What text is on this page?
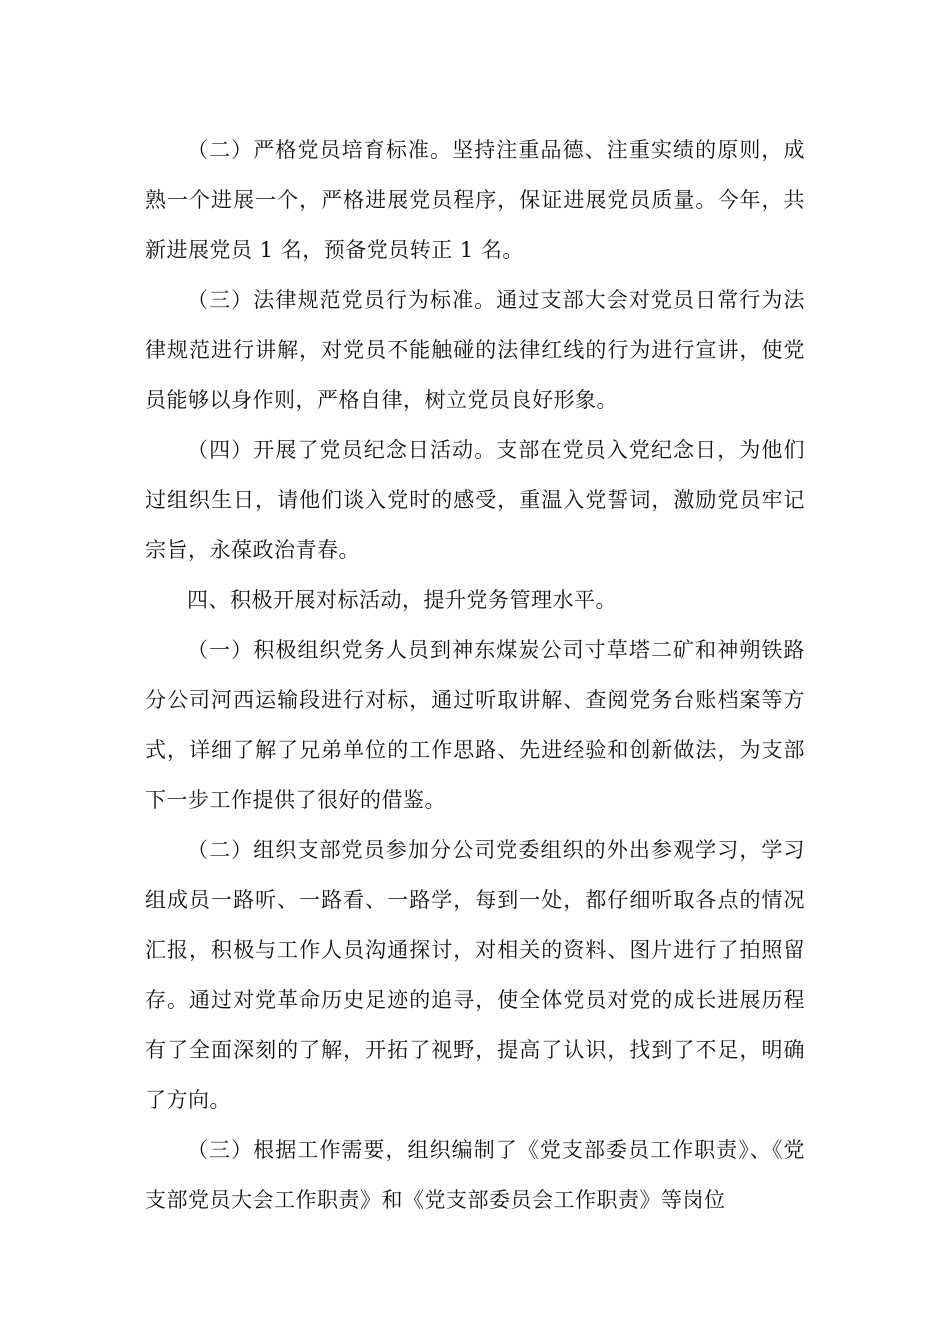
（二）严格党员培育标准。坚持注重品德、注重实绩的原则，成熟一个进展一个，严格进展党员程序，保证进展党员质量。今年，共新进展党员 1 名，预备党员转正 1 名。

（三）法律规范党员行为标准。通过支部大会对党员日常行为法律规范进行讲解，对党员不能触碰的法律红线的行为进行宣讲，使党员能够以身作则，严格自律，树立党员良好形象。

（四）开展了党员纪念日活动。支部在党员入党纪念日，为他们过组织生日，请他们谈入党时的感受，重温入党誓词，激励党员牢记宗旨，永葆政治青春。

四、积极开展对标活动，提升党务管理水平。

（一）积极组织党务人员到神东煤炭公司寸草塔二矿和神朔铁路分公司河西运输段进行对标，通过听取讲解、查阅党务台账档案等方式，详细了解了兄弟单位的工作思路、先进经验和创新做法，为支部下一步工作提供了很好的借鉴。

（二）组织支部党员参加分公司党委组织的外出参观学习，学习组成员一路听、一路看、一路学，每到一处，都仔细听取各点的情况汇报，积极与工作人员沟通探讨，对相关的资料、图片进行了拍照留存。通过对党革命历史足迹的追寻，使全体党员对党的成长进展历程有了全面深刻的了解，开拓了视野，提高了认识，找到了不足，明确了方向。

（三）根据工作需要，组织编制了《党支部委员工作职责》、《党支部党员大会工作职责》和《党支部委员会工作职责》等岗位
